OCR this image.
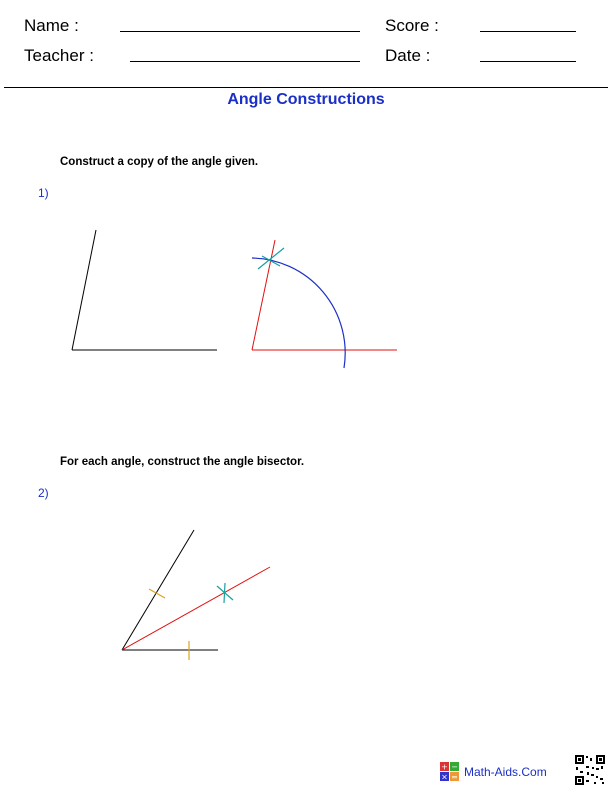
Name :	Score :
Teacher :	Date :
Angle Constructions
Construct a copy of the angle given.
1)
For each angle, construct the angle bisector.
2)
+ −
× = Math-Aids.Com
